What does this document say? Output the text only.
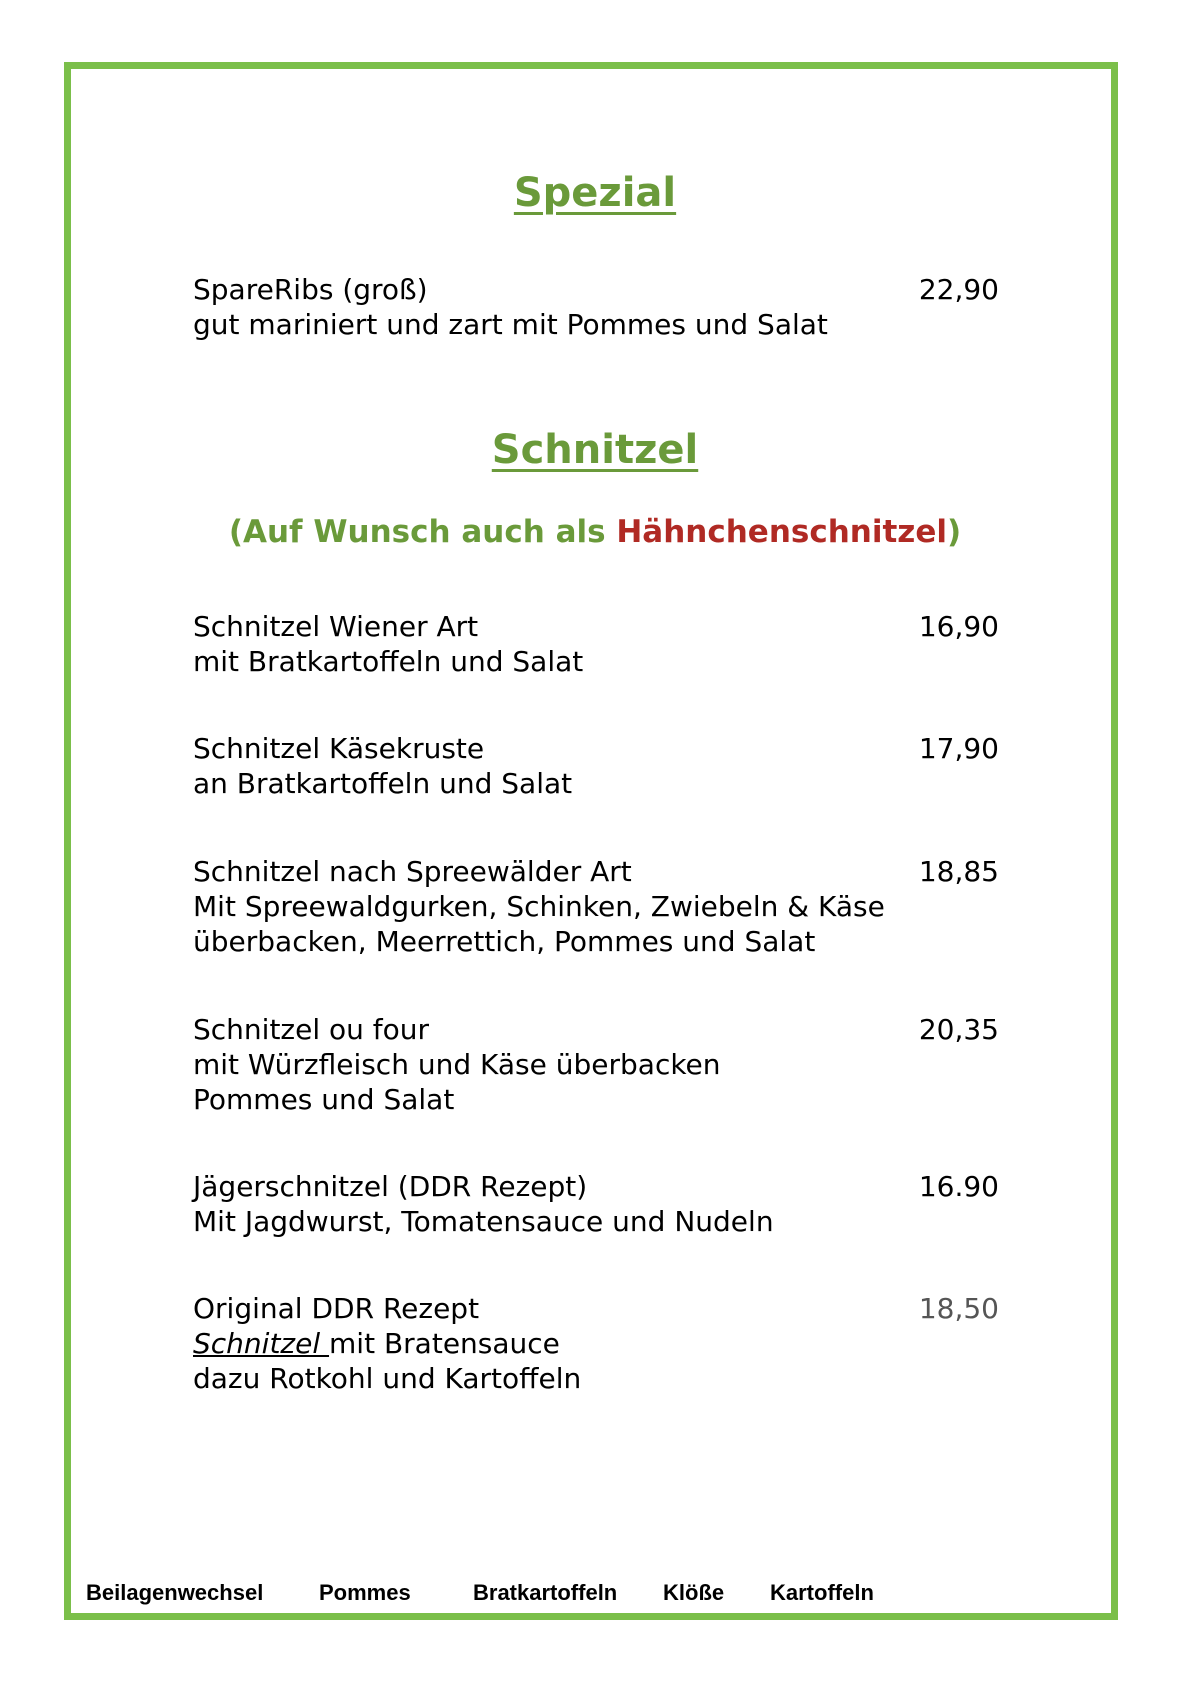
Spezial
SpareRibs (groß)
gut mariniert und zart mit Pommes und Salat
22,90
Schnitzel
(Auf Wunsch auch als Hähnchenschnitzel)
Schnitzel Wiener Art
mit Bratkartoffeln und Salat
16,90
Schnitzel Käsekruste
an Bratkartoffeln und Salat
17,90
Schnitzel nach Spreewälder Art
Mit Spreewaldgurken, Schinken, Zwiebeln & Käse
überbacken, Meerrettich, Pommes und Salat
18,85
Schnitzel ou four
mit Würzfleisch und Käse überbacken
Pommes und Salat
20,35
Jägerschnitzel (DDR Rezept)
Mit Jagdwurst, Tomatensauce und Nudeln
16.90
Original DDR Rezept
Schnitzel mit Bratensauce
dazu Rotkohl und Kartoffeln
18,50
Beilagenwechsel	Pommes	Bratkartoffeln Klöße Kartoffeln
